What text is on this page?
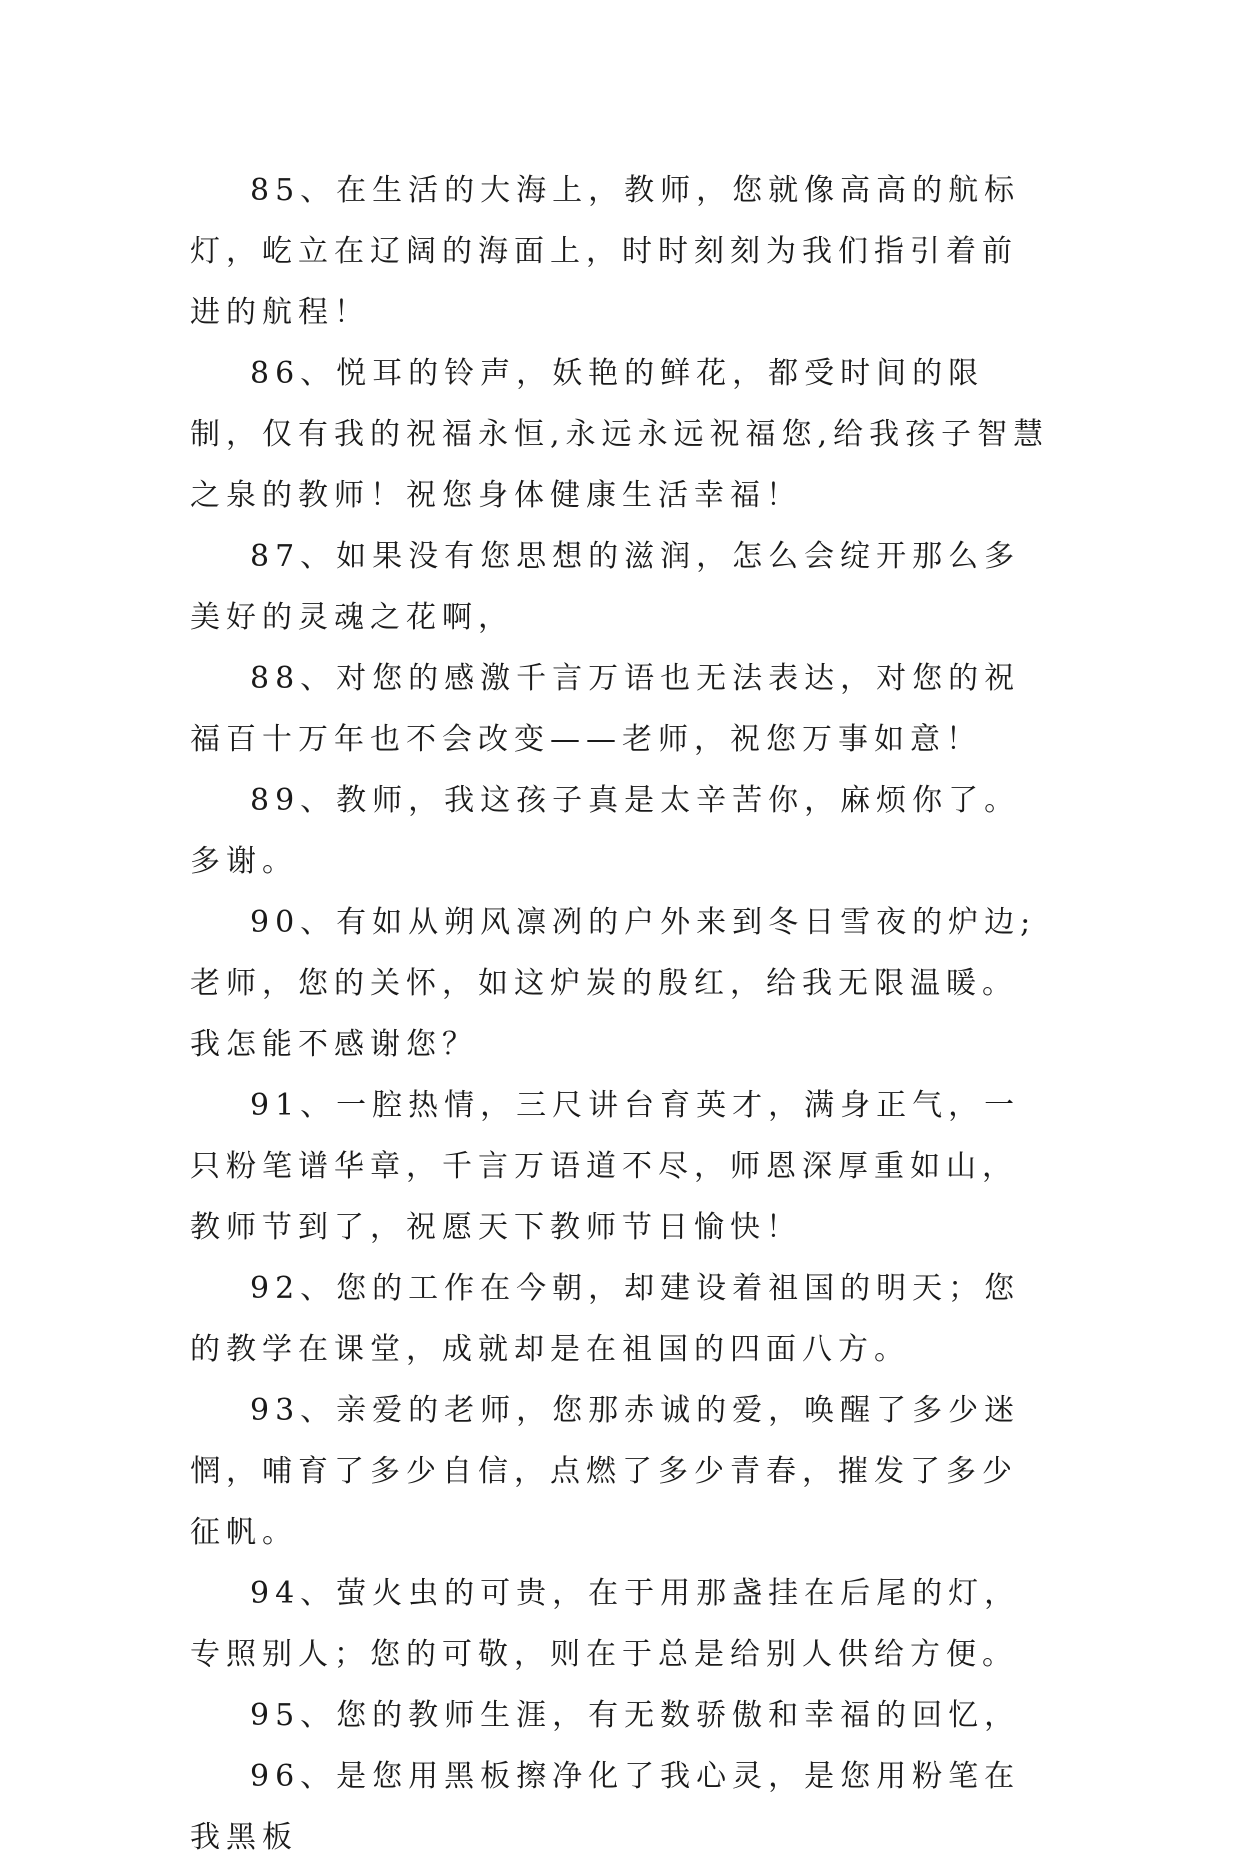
85、在生活的大海上，教师，您就像高高的航标灯，屹立在辽阔的海面上，时时刻刻为我们指引着前进的航程！

86、悦耳的铃声，妖艳的鲜花，都受时间的限制，仅有我的祝福永恒,永远永远祝福您,给我孩子智慧之泉的教师！祝您身体健康生活幸福！

87、如果没有您思想的滋润，怎么会绽开那么多美好的灵魂之花啊，

88、对您的感激千言万语也无法表达，对您的祝福百十万年也不会改变——老师，祝您万事如意！

89、教师，我这孩子真是太辛苦你，麻烦你了。多谢。

90、有如从朔风凛冽的户外来到冬日雪夜的炉边;老师，您的关怀，如这炉炭的殷红，给我无限温暖。我怎能不感谢您？

91、一腔热情，三尺讲台育英才，满身正气，一只粉笔谱华章，千言万语道不尽，师恩深厚重如山，教师节到了，祝愿天下教师节日愉快！

92、您的工作在今朝，却建设着祖国的明天；您的教学在课堂，成就却是在祖国的四面八方。

93、亲爱的老师，您那赤诚的爱，唤醒了多少迷惘，哺育了多少自信，点燃了多少青春，摧发了多少征帆。

94、萤火虫的可贵，在于用那盏挂在后尾的灯，专照别人；您的可敬，则在于总是给别人供给方便。

95、您的教师生涯，有无数骄傲和幸福的回忆，

96、是您用黑板擦净化了我心灵，是您用粉笔在我黑板
